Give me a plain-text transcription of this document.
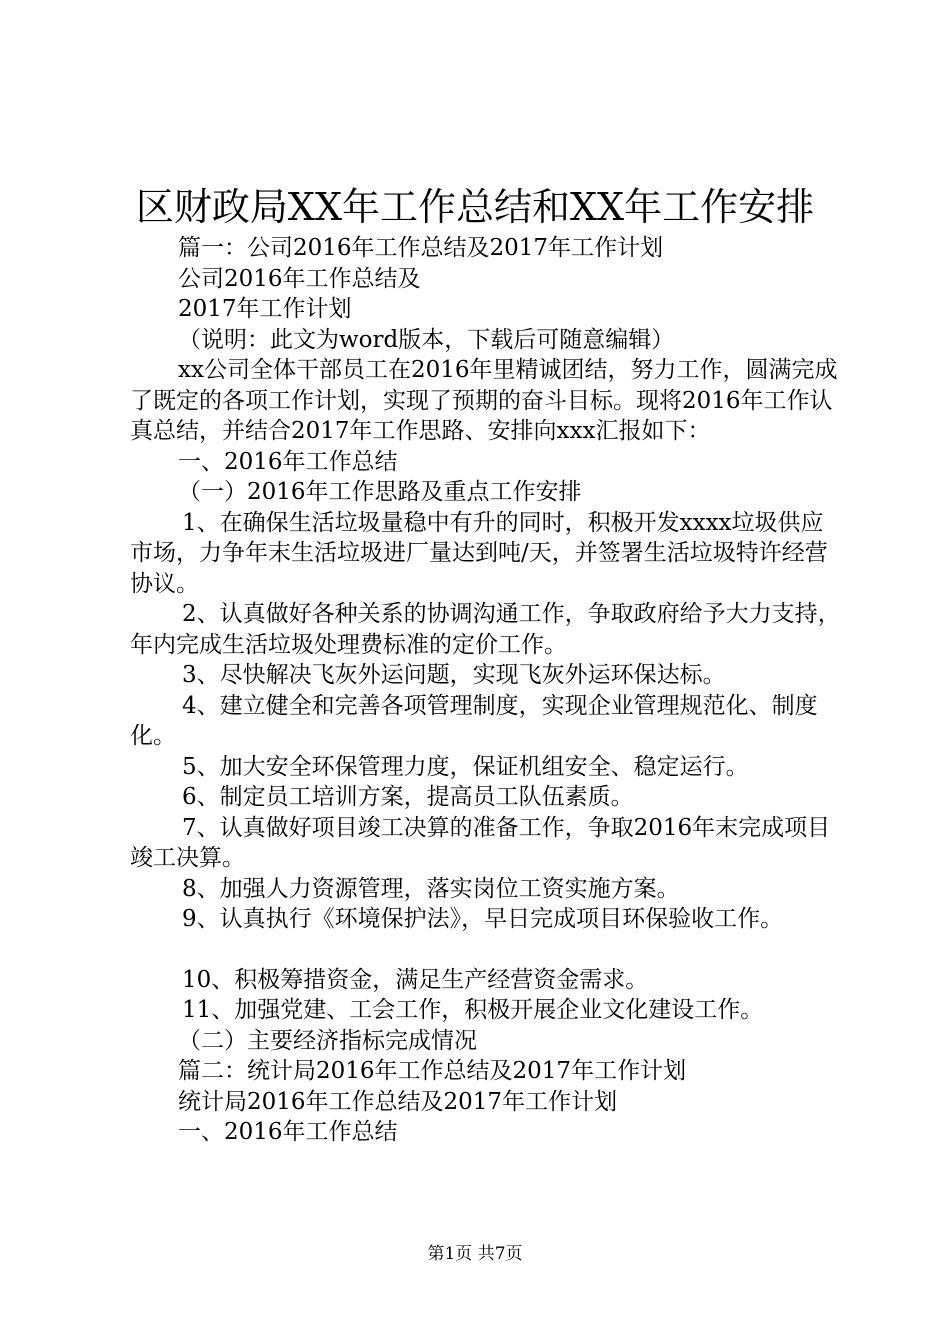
区财政局XX年工作总结和XX年工作安排

篇一：公司2016年工作总结及2017年工作计划

公司2016年工作总结及

2017年工作计划

（说明：此文为word版本，下载后可随意编辑）

xx公司全体干部员工在2016年里精诚团结，努力工作，圆满完成了既定的各项工作计划，实现了预期的奋斗目标。现将2016年工作认真总结，并结合2017年工作思路、安排向xxx汇报如下：

一、2016年工作总结

（一）2016年工作思路及重点工作安排

1、在确保生活垃圾量稳中有升的同时，积极开发xxxx垃圾供应市场，力争年末生活垃圾进厂量达到吨/天，并签署生活垃圾特许经营协议。

2、认真做好各种关系的协调沟通工作，争取政府给予大力支持，年内完成生活垃圾处理费标准的定价工作。

3、尽快解决飞灰外运问题，实现飞灰外运环保达标。

4、建立健全和完善各项管理制度，实现企业管理规范化、制度化。

5、加大安全环保管理力度，保证机组安全、稳定运行。

6、制定员工培训方案，提高员工队伍素质。

7、认真做好项目竣工决算的准备工作，争取2016年末完成项目竣工决算。

8、加强人力资源管理，落实岗位工资实施方案。

9、认真执行《环境保护法》，早日完成项目环保验收工作。

10、积极筹措资金，满足生产经营资金需求。

11、加强党建、工会工作，积极开展企业文化建设工作。

（二）主要经济指标完成情况

篇二：统计局2016年工作总结及2017年工作计划

统计局2016年工作总结及2017年工作计划

一、2016年工作总结

第1页 共7页
